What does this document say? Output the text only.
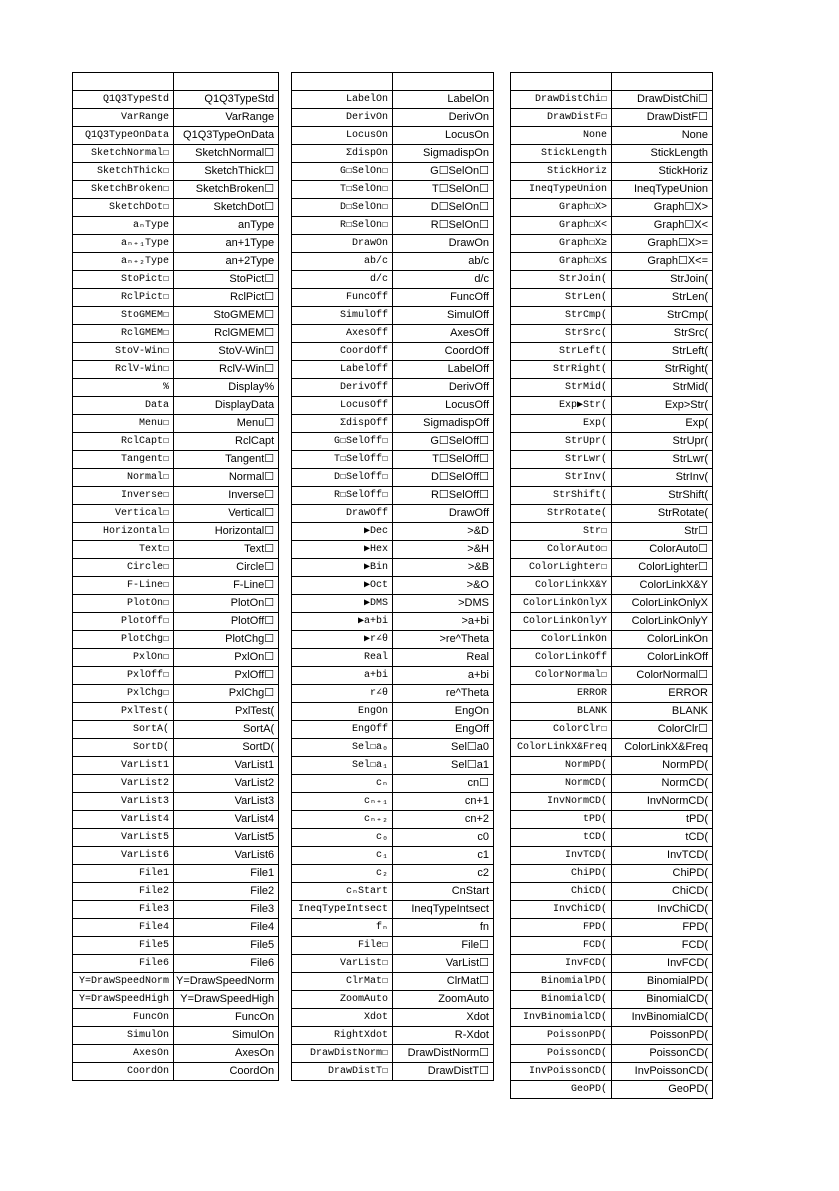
Q1Q3TypeStd	Q1Q3TypeStd
VarRange	VarRange
Q1Q3TypeOnData	Q1Q3TypeOnData
SketchNormal☐	SketchNormal☐
SketchThick☐	SketchThick☐
SketchBroken☐	SketchBroken☐
SketchDot☐	SketchDot☐
aₙType	anType
aₙ₊₁Type	an+1Type
aₙ₊₂Type	an+2Type
StoPict☐	StoPict☐
RclPict☐	RclPict☐
StoGMEM☐	StoGMEM☐
RclGMEM☐	RclGMEM☐
StoV-Win☐	StoV-Win☐
RclV-Win☐	RclV-Win☐
%	Display%
Data	DisplayData
Menu☐	Menu☐
RclCapt☐	RclCapt
Tangent☐	Tangent☐
Normal☐	Normal☐
Inverse☐	Inverse☐
Vertical☐	Vertical☐
Horizontal☐	Horizontal☐
Text☐	Text☐
Circle☐	Circle☐
F-Line☐	F-Line☐
PlotOn☐	PlotOn☐
PlotOff☐	PlotOff☐
PlotChg☐	PlotChg☐
PxlOn☐	PxlOn☐
PxlOff☐	PxlOff☐
PxlChg☐	PxlChg☐
PxlTest(	PxlTest(
SortA(	SortA(
SortD(	SortD(
VarList1	VarList1
VarList2	VarList2
VarList3	VarList3
VarList4	VarList4
VarList5	VarList5
VarList6	VarList6
File1	File1
File2	File2
File3	File3
File4	File4
File5	File5
File6	File6
Y=DrawSpeedNorm	Y=DrawSpeedNorm
Y=DrawSpeedHigh	Y=DrawSpeedHigh
FuncOn	FuncOn
SimulOn	SimulOn
AxesOn	AxesOn
CoordOn	CoordOn

LabelOn	LabelOn
DerivOn	DerivOn
LocusOn	LocusOn
ΣdispOn	SigmadispOn
G☐SelOn☐	G☐SelOn☐
T☐SelOn☐	T☐SelOn☐
D☐SelOn☐	D☐SelOn☐
R☐SelOn☐	R☐SelOn☐
DrawOn	DrawOn
ab/c	ab/c
d/c	d/c
FuncOff	FuncOff
SimulOff	SimulOff
AxesOff	AxesOff
CoordOff	CoordOff
LabelOff	LabelOff
DerivOff	DerivOff
LocusOff	LocusOff
ΣdispOff	SigmadispOff
G☐SelOff☐	G☐SelOff☐
T☐SelOff☐	T☐SelOff☐
D☐SelOff☐	D☐SelOff☐
R☐SelOff☐	R☐SelOff☐
DrawOff	DrawOff
▶Dec	>&D
▶Hex	>&H
▶Bin	>&B
▶Oct	>&O
▶DMS	>DMS
▶a+bi	>a+bi
▶r∠θ	>re^Theta
Real	Real
a+bi	a+bi
r∠θ	re^Theta
EngOn	EngOn
EngOff	EngOff
Sel☐a₀	Sel☐a0
Sel☐a₁	Sel☐a1
cₙ	cn☐
cₙ₊₁	cn+1
cₙ₊₂	cn+2
c₀	c0
c₁	c1
c₂	c2
cₙStart	CnStart
IneqTypeIntsect	IneqTypeIntsect
fₙ	fn
File☐	File☐
VarList☐	VarList☐
ClrMat☐	ClrMat☐
ZoomAuto	ZoomAuto
Xdot	Xdot
RightXdot	R-Xdot
DrawDistNorm☐	DrawDistNorm☐
DrawDistT☐	DrawDistT☐

DrawDistChi☐	DrawDistChi☐
DrawDistF☐	DrawDistF☐
None	None
StickLength	StickLength
StickHoriz	StickHoriz
IneqTypeUnion	IneqTypeUnion
Graph☐X>	Graph☐X>
Graph☐X<	Graph☐X<
Graph☐X≥	Graph☐X>=
Graph☐X≤	Graph☐X<=
StrJoin(	StrJoin(
StrLen(	StrLen(
StrCmp(	StrCmp(
StrSrc(	StrSrc(
StrLeft(	StrLeft(
StrRight(	StrRight(
StrMid(	StrMid(
Exp▶Str(	Exp>Str(
Exp(	Exp(
StrUpr(	StrUpr(
StrLwr(	StrLwr(
StrInv(	StrInv(
StrShift(	StrShift(
StrRotate(	StrRotate(
Str☐	Str☐
ColorAuto☐	ColorAuto☐
ColorLighter☐	ColorLighter☐
ColorLinkX&Y	ColorLinkX&Y
ColorLinkOnlyX	ColorLinkOnlyX
ColorLinkOnlyY	ColorLinkOnlyY
ColorLinkOn	ColorLinkOn
ColorLinkOff	ColorLinkOff
ColorNormal☐	ColorNormal☐
ERROR	ERROR
BLANK	BLANK
ColorClr☐	ColorClr☐
ColorLinkX&Freq	ColorLinkX&Freq
NormPD(	NormPD(
NormCD(	NormCD(
InvNormCD(	InvNormCD(
tPD(	tPD(
tCD(	tCD(
InvTCD(	InvTCD(
ChiPD(	ChiPD(
ChiCD(	ChiCD(
InvChiCD(	InvChiCD(
FPD(	FPD(
FCD(	FCD(
InvFCD(	InvFCD(
BinomialPD(	BinomialPD(
BinomialCD(	BinomialCD(
InvBinomialCD(	InvBinomialCD(
PoissonPD(	PoissonPD(
PoissonCD(	PoissonCD(
InvPoissonCD(	InvPoissonCD(
GeoPD(	GeoPD(
